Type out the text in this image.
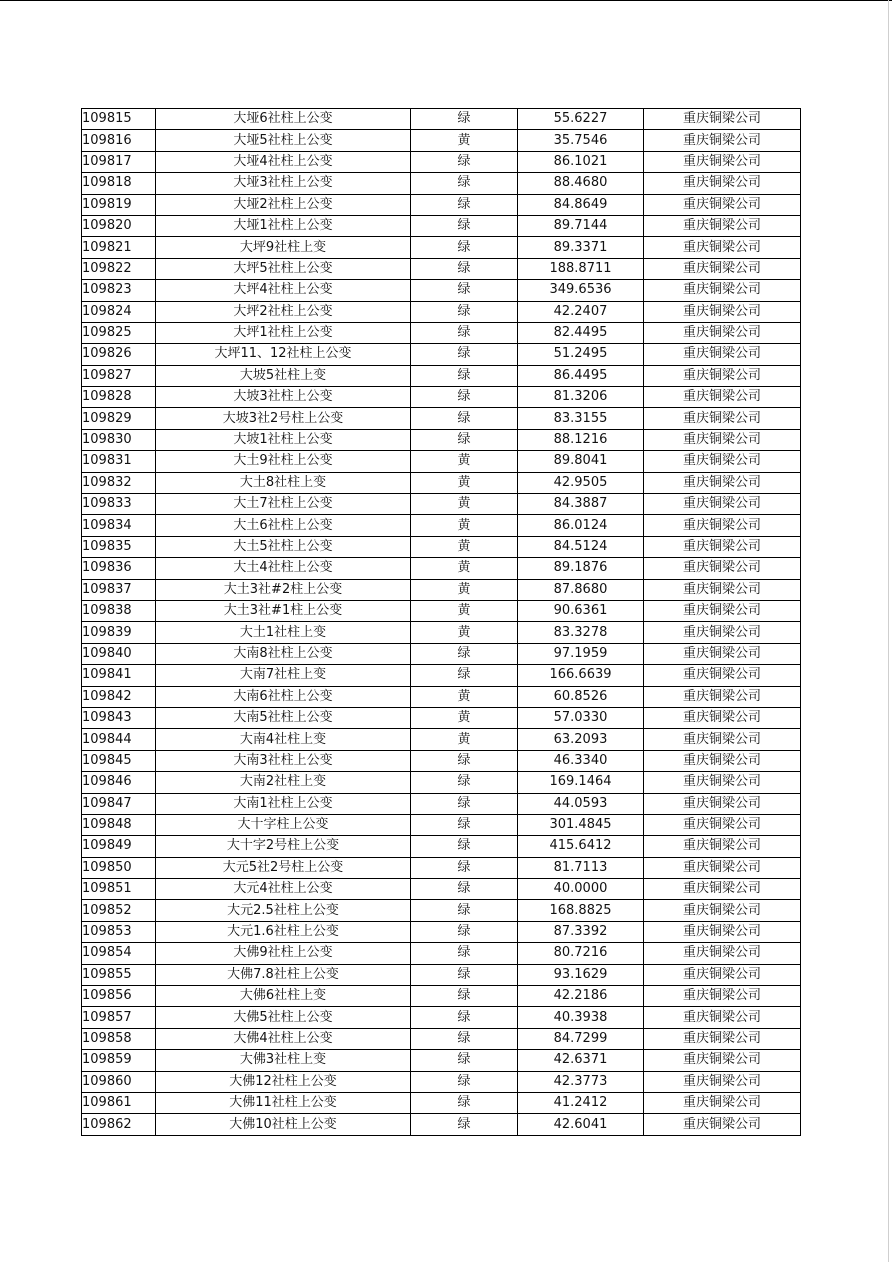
109815	大垭6社柱上公变	绿	55.6227	重庆铜梁公司
109816	大垭5社柱上公变	黄	35.7546	重庆铜梁公司
109817	大垭4社柱上公变	绿	86.1021	重庆铜梁公司
109818	大垭3社柱上公变	绿	88.4680	重庆铜梁公司
109819	大垭2社柱上公变	绿	84.8649	重庆铜梁公司
109820	大垭1社柱上公变	绿	89.7144	重庆铜梁公司
109821	大坪9社柱上变	绿	89.3371	重庆铜梁公司
109822	大坪5社柱上公变	绿	188.8711	重庆铜梁公司
109823	大坪4社柱上公变	绿	349.6536	重庆铜梁公司
109824	大坪2社柱上公变	绿	42.2407	重庆铜梁公司
109825	大坪1社柱上公变	绿	82.4495	重庆铜梁公司
109826	大坪11、12社柱上公变	绿	51.2495	重庆铜梁公司
109827	大坡5社柱上变	绿	86.4495	重庆铜梁公司
109828	大坡3社柱上公变	绿	81.3206	重庆铜梁公司
109829	大坡3社2号柱上公变	绿	83.3155	重庆铜梁公司
109830	大坡1社柱上公变	绿	88.1216	重庆铜梁公司
109831	大土9社柱上公变	黄	89.8041	重庆铜梁公司
109832	大土8社柱上变	黄	42.9505	重庆铜梁公司
109833	大土7社柱上公变	黄	84.3887	重庆铜梁公司
109834	大土6社柱上公变	黄	86.0124	重庆铜梁公司
109835	大土5社柱上公变	黄	84.5124	重庆铜梁公司
109836	大土4社柱上公变	黄	89.1876	重庆铜梁公司
109837	大土3社#2柱上公变	黄	87.8680	重庆铜梁公司
109838	大土3社#1柱上公变	黄	90.6361	重庆铜梁公司
109839	大土1社柱上变	黄	83.3278	重庆铜梁公司
109840	大南8社柱上公变	绿	97.1959	重庆铜梁公司
109841	大南7社柱上变	绿	166.6639	重庆铜梁公司
109842	大南6社柱上公变	黄	60.8526	重庆铜梁公司
109843	大南5社柱上公变	黄	57.0330	重庆铜梁公司
109844	大南4社柱上变	黄	63.2093	重庆铜梁公司
109845	大南3社柱上公变	绿	46.3340	重庆铜梁公司
109846	大南2社柱上变	绿	169.1464	重庆铜梁公司
109847	大南1社柱上公变	绿	44.0593	重庆铜梁公司
109848	大十字柱上公变	绿	301.4845	重庆铜梁公司
109849	大十字2号柱上公变	绿	415.6412	重庆铜梁公司
109850	大元5社2号柱上公变	绿	81.7113	重庆铜梁公司
109851	大元4社柱上公变	绿	40.0000	重庆铜梁公司
109852	大元2.5社柱上公变	绿	168.8825	重庆铜梁公司
109853	大元1.6社柱上公变	绿	87.3392	重庆铜梁公司
109854	大佛9社柱上公变	绿	80.7216	重庆铜梁公司
109855	大佛7.8社柱上公变	绿	93.1629	重庆铜梁公司
109856	大佛6社柱上变	绿	42.2186	重庆铜梁公司
109857	大佛5社柱上公变	绿	40.3938	重庆铜梁公司
109858	大佛4社柱上公变	绿	84.7299	重庆铜梁公司
109859	大佛3社柱上变	绿	42.6371	重庆铜梁公司
109860	大佛12社柱上公变	绿	42.3773	重庆铜梁公司
109861	大佛11社柱上公变	绿	41.2412	重庆铜梁公司
109862	大佛10社柱上公变	绿	42.6041	重庆铜梁公司
